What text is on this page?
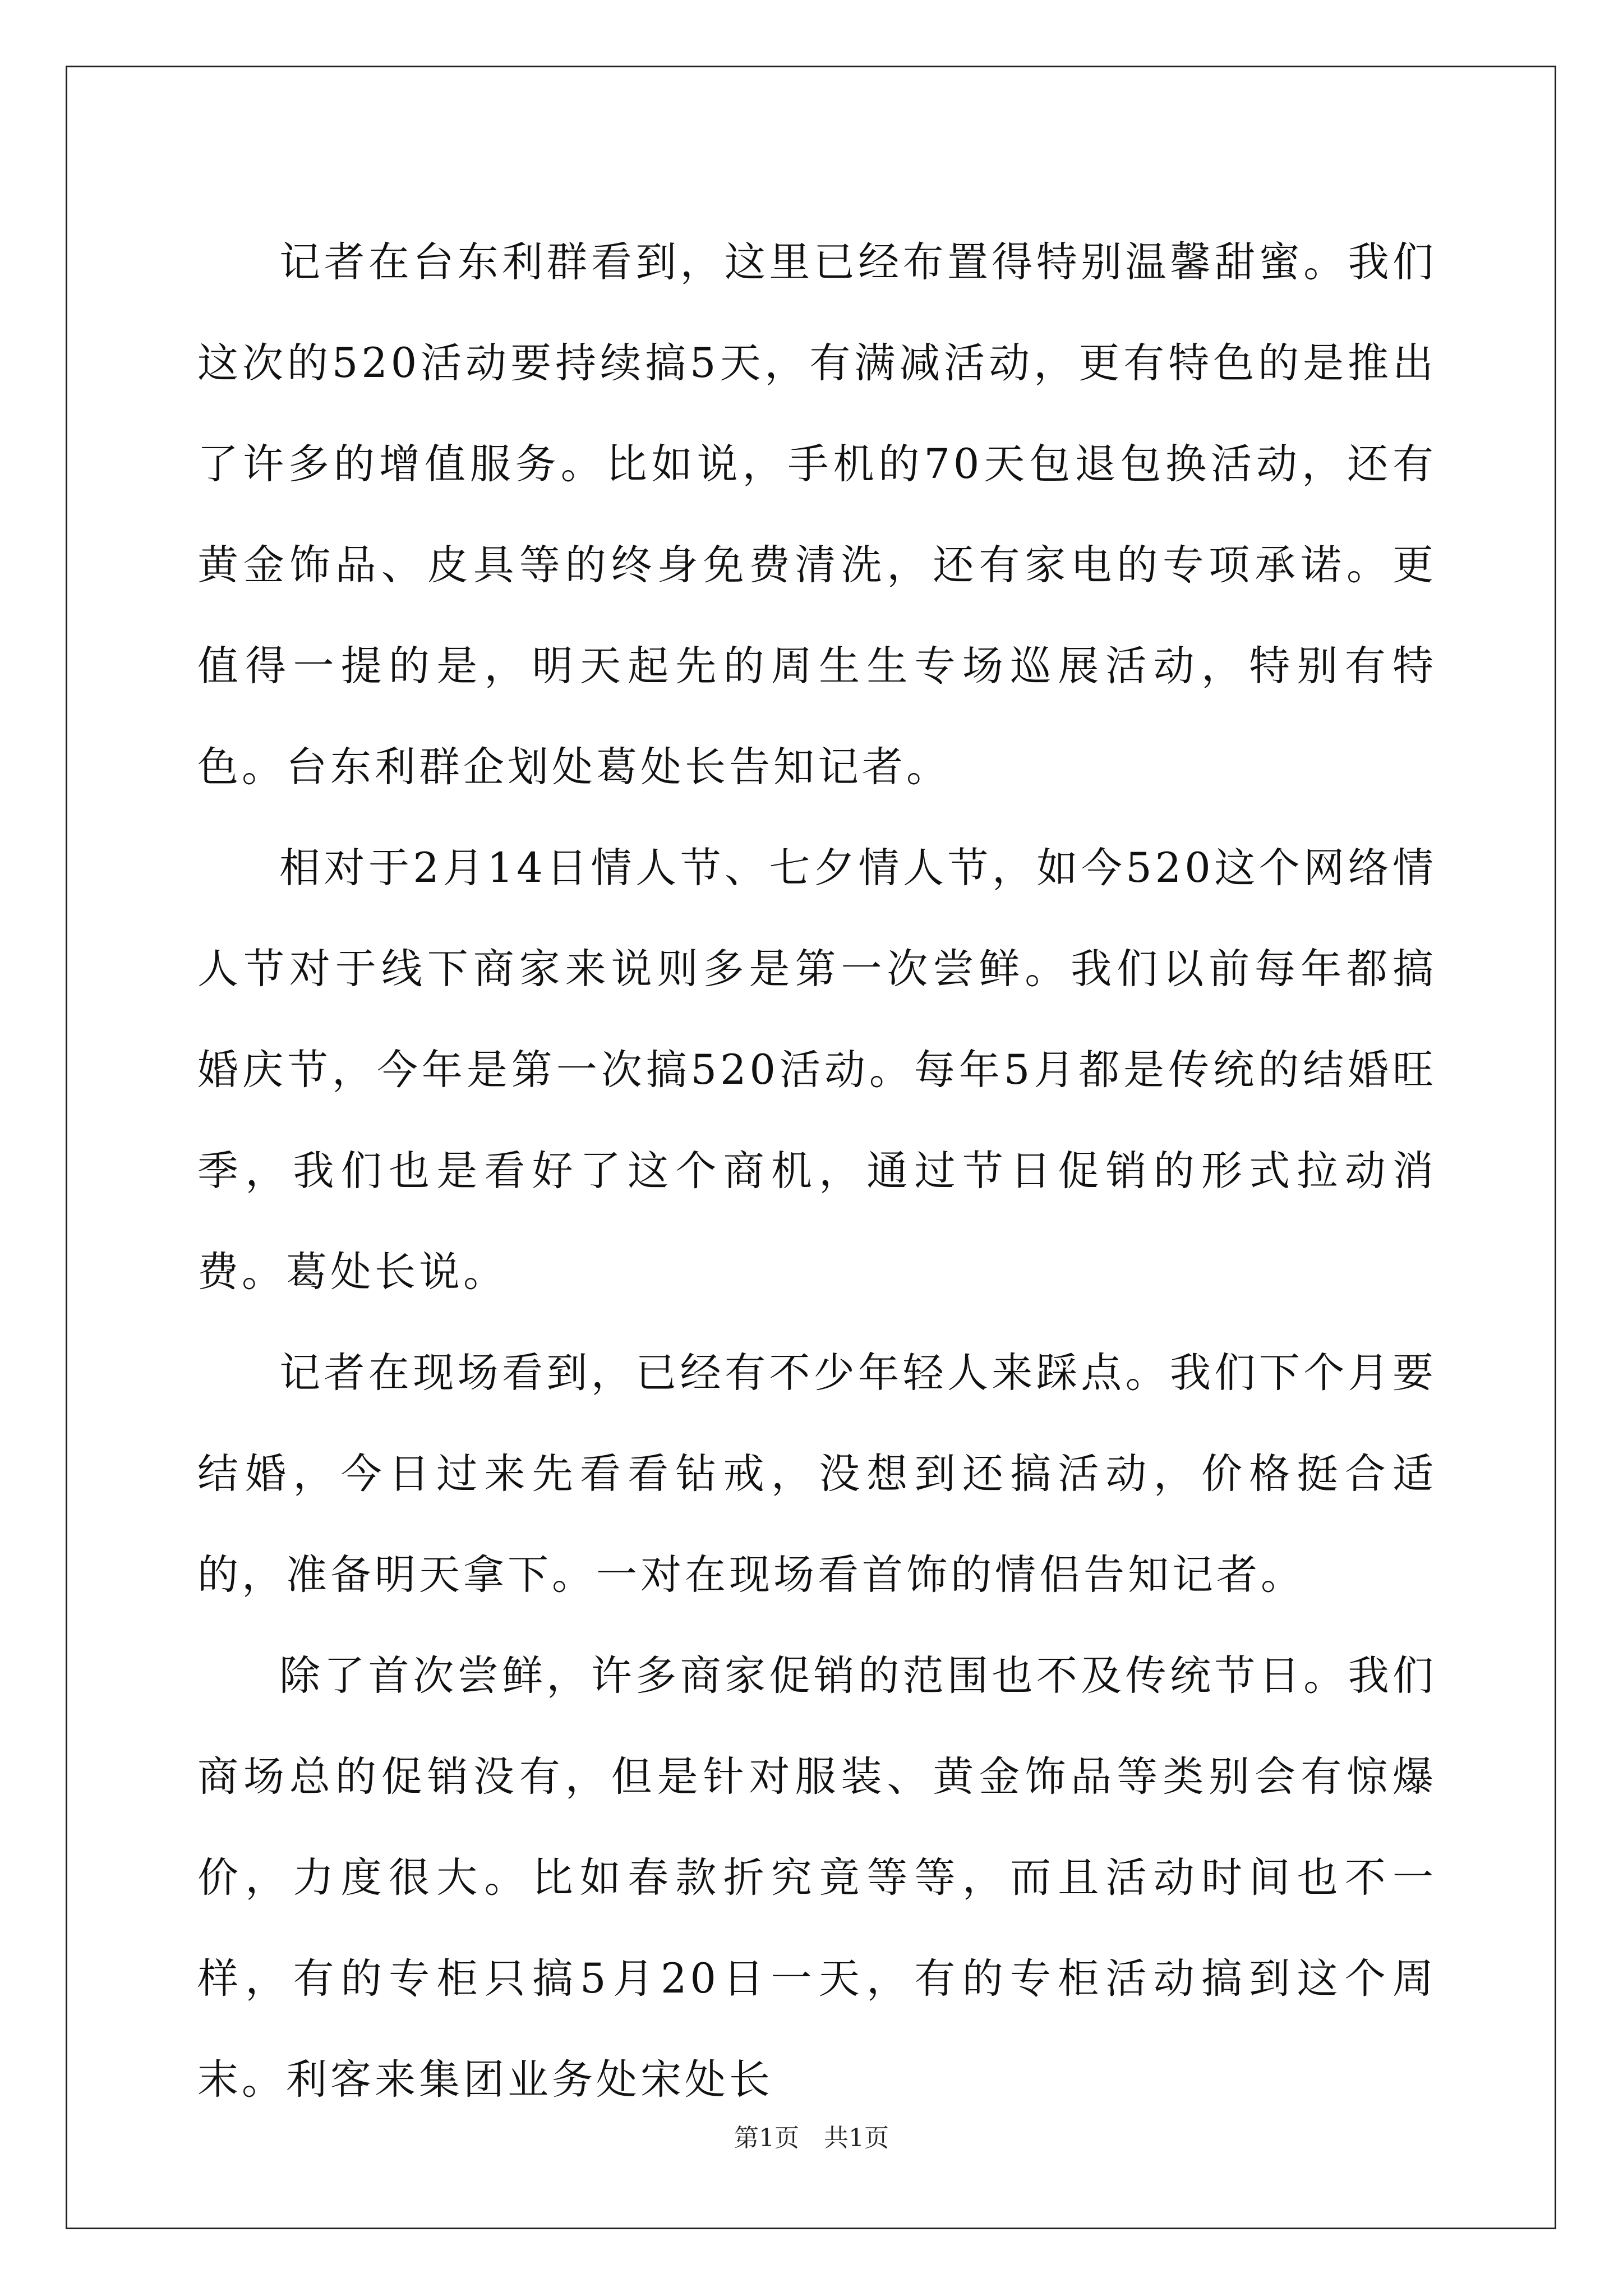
记者在台东利群看到，这里已经布置得特别温馨甜蜜。我们这次的520活动要持续搞5天，有满减活动，更有特色的是推出了许多的增值服务。比如说，手机的70天包退包换活动，还有黄金饰品、皮具等的终身免费清洗，还有家电的专项承诺。更值得一提的是，明天起先的周生生专场巡展活动，特别有特色。台东利群企划处葛处长告知记者。

相对于2月14日情人节、七夕情人节，如今520这个网络情人节对于线下商家来说则多是第一次尝鲜。我们以前每年都搞婚庆节，今年是第一次搞520活动。每年5月都是传统的结婚旺季，我们也是看好了这个商机，通过节日促销的形式拉动消费。葛处长说。

记者在现场看到，已经有不少年轻人来踩点。我们下个月要结婚，今日过来先看看钻戒，没想到还搞活动，价格挺合适的，准备明天拿下。一对在现场看首饰的情侣告知记者。

除了首次尝鲜，许多商家促销的范围也不及传统节日。我们商场总的促销没有，但是针对服装、黄金饰品等类别会有惊爆价，力度很大。比如春款折究竟等等，而且活动时间也不一样，有的专柜只搞5月20日一天，有的专柜活动搞到这个周末。利客来集团业务处宋处长

第1页　共1页
